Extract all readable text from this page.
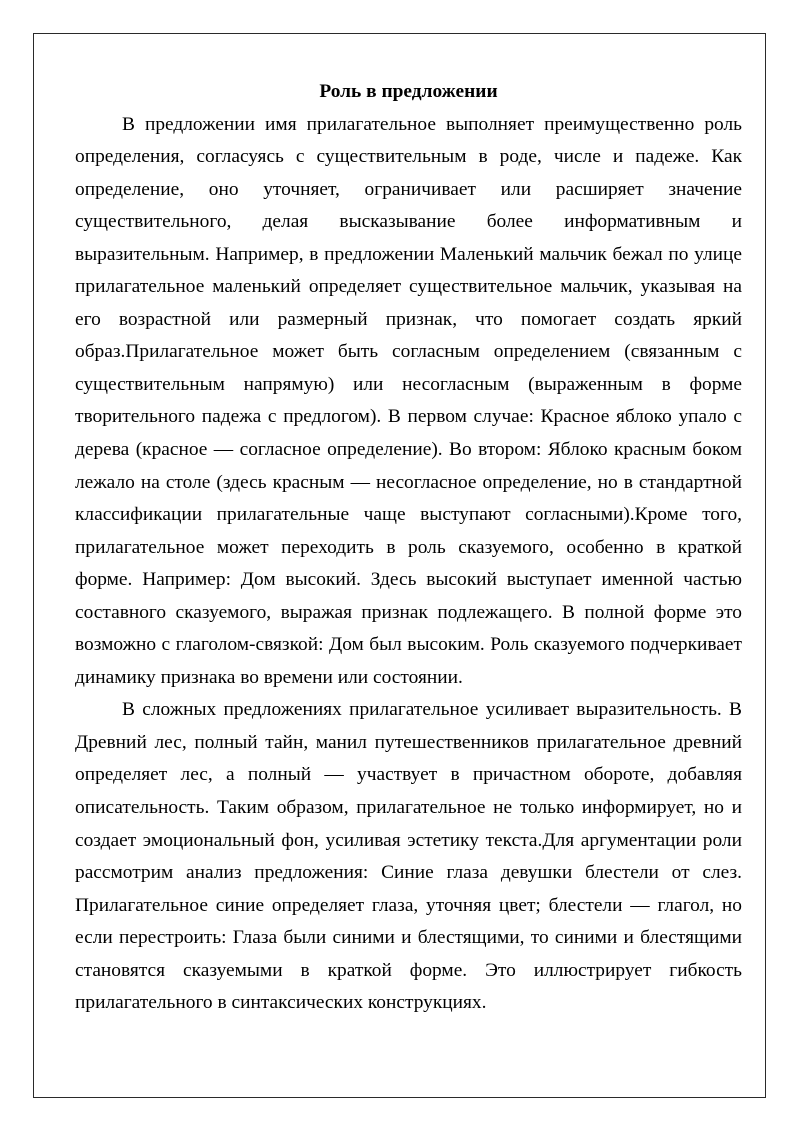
Роль в предложении

В предложении имя прилагательное выполняет преимущественно роль определения, согласуясь с существительным в роде, числе и падеже. Как определение, оно уточняет, ограничивает или расширяет значение существительного, делая высказывание более информативным и выразительным. Например, в предложении Маленький мальчик бежал по улице прилагательное маленький определяет существительное мальчик, указывая на его возрастной или размерный признак, что помогает создать яркий образ.Прилагательное может быть согласным определением (связанным с существительным напрямую) или несогласным (выраженным в форме творительного падежа с предлогом). В первом случае: Красное яблоко упало с дерева (красное — согласное определение). Во втором: Яблоко красным боком лежало на столе (здесь красным — несогласное определение, но в стандартной классификации прилагательные чаще выступают согласными).Кроме того, прилагательное может переходить в роль сказуемого, особенно в краткой форме. Например: Дом высокий. Здесь высокий выступает именной частью составного сказуемого, выражая признак подлежащего. В полной форме это возможно с глаголом-связкой: Дом был высоким. Роль сказуемого подчеркивает динамику признака во времени или состоянии.

В сложных предложениях прилагательное усиливает выразительность. В Древний лес, полный тайн, манил путешественников прилагательное древний определяет лес, а полный — участвует в причастном обороте, добавляя описательность. Таким образом, прилагательное не только информирует, но и создает эмоциональный фон, усиливая эстетику текста.Для аргументации роли рассмотрим анализ предложения: Синие глаза девушки блестели от слез. Прилагательное синие определяет глаза, уточняя цвет; блестели — глагол, но если перестроить: Глаза были синими и блестящими, то синими и блестящими становятся сказуемыми в краткой форме. Это иллюстрирует гибкость прилагательного в синтаксических конструкциях.
